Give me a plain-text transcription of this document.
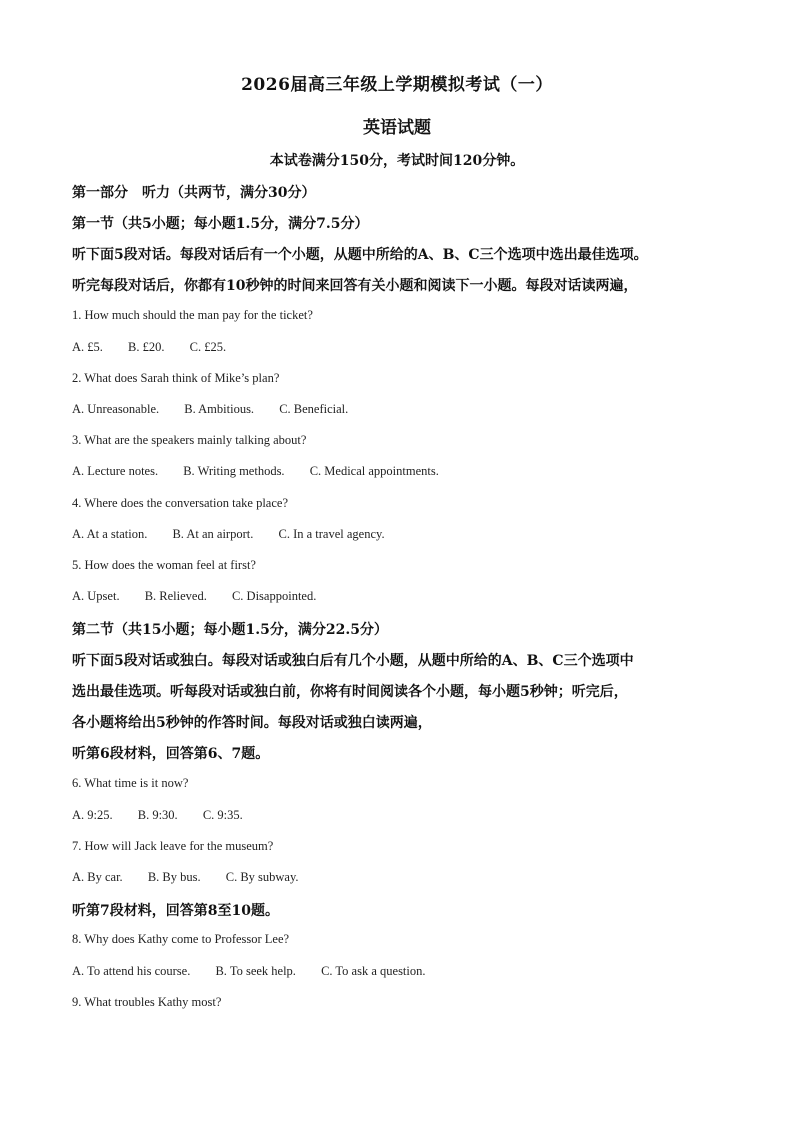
2026届高三年级上学期模拟考试（一）
英语试题
本试卷满分150分，考试时间120分钟。
第一部分　听力（共两节，满分30分）
第一节（共5小题；每小题1.5分，满分7.5分）
听下面5段对话。每段对话后有一个小题，从题中所给的A、B、C三个选项中选出最佳选项。
听完每段对话后，你都有10秒钟的时间来回答有关小题和阅读下一小题。每段对话读两遍，
1. How much should the man pay for the ticket?
A. £5. B. £20. C. £25.
2. What does Sarah think of Mike’s plan?
A. Unreasonable. B. Ambitious. C. Beneficial.
3. What are the speakers mainly talking about?
A. Lecture notes. B. Writing methods. C. Medical appointments.
4. Where does the conversation take place?
A. At a station. B. At an airport. C. In a travel agency.
5. How does the woman feel at first?
A. Upset. B. Relieved. C. Disappointed.
第二节（共15小题；每小题1.5分，满分22.5分）
听下面5段对话或独白。每段对话或独白后有几个小题，从题中所给的A、B、C三个选项中
选出最佳选项。听每段对话或独白前，你将有时间阅读各个小题，每小题5秒钟；听完后，
各小题将给出5秒钟的作答时间。每段对话或独白读两遍，
听第6段材料，回答第6、7题。
6. What time is it now?
A. 9:25. B. 9:30. C. 9:35.
7. How will Jack leave for the museum?
A. By car. B. By bus. C. By subway.
听第7段材料，回答第8至10题。
8. Why does Kathy come to Professor Lee?
A. To attend his course. B. To seek help. C. To ask a question.
9. What troubles Kathy most?
